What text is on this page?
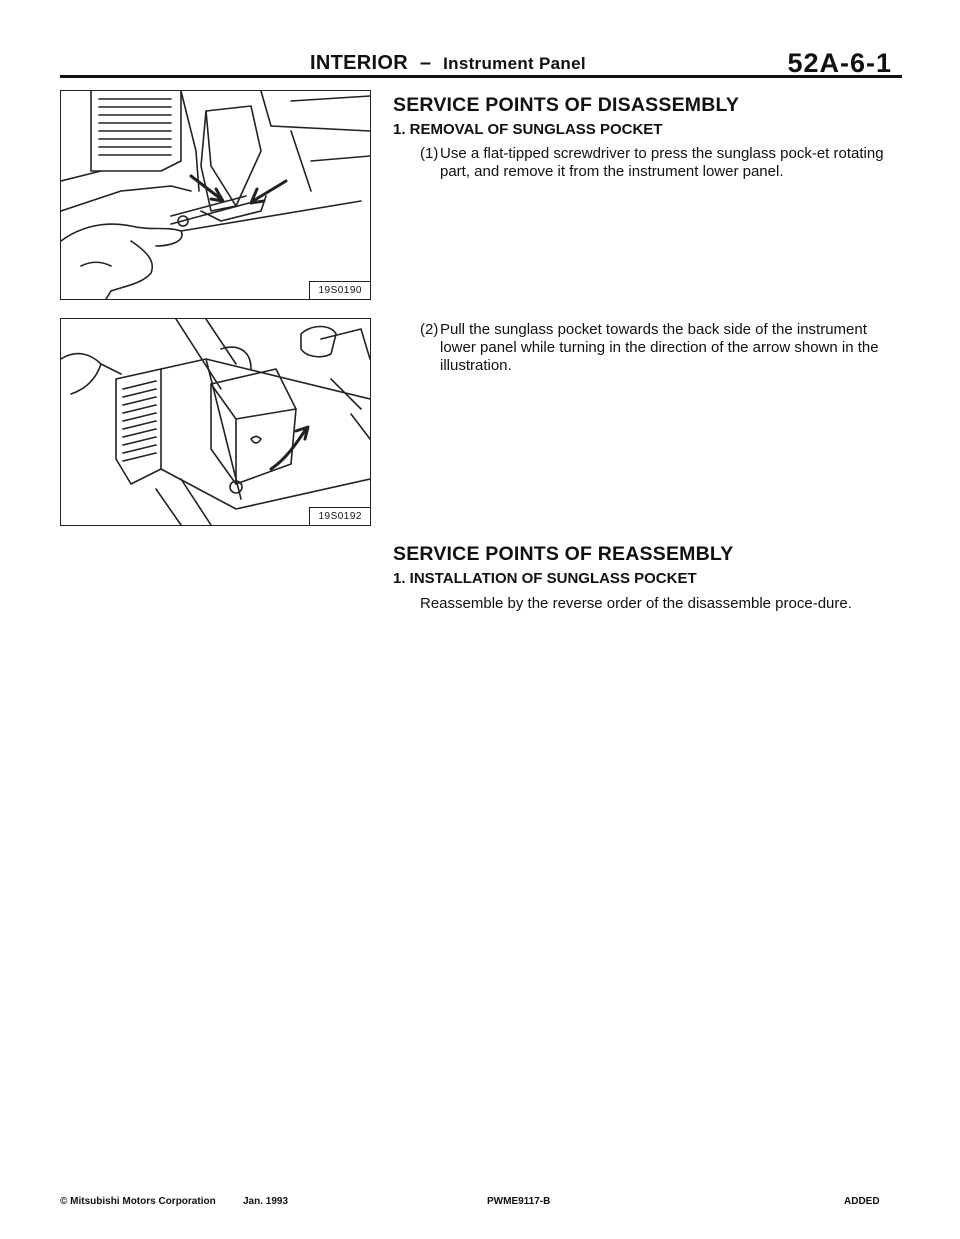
INTERIOR – Instrument Panel	52A-6-1
19S0190
19S0192
SERVICE POINTS OF DISASSEMBLY
1. REMOVAL OF SUNGLASS POCKET
(1) Use a flat-tipped screwdriver to press the sunglass pock-et rotating part, and remove it from the instrument lower panel.
(2) Pull the sunglass pocket towards the back side of the instrument lower panel while turning in the direction of the arrow shown in the illustration.
SERVICE POINTS OF REASSEMBLY
1. INSTALLATION OF SUNGLASS POCKET
Reassemble by the reverse order of the disassemble proce-dure.
© Mitsubishi Motors Corporation	Jan. 1993	PWME9117-B	ADDED
